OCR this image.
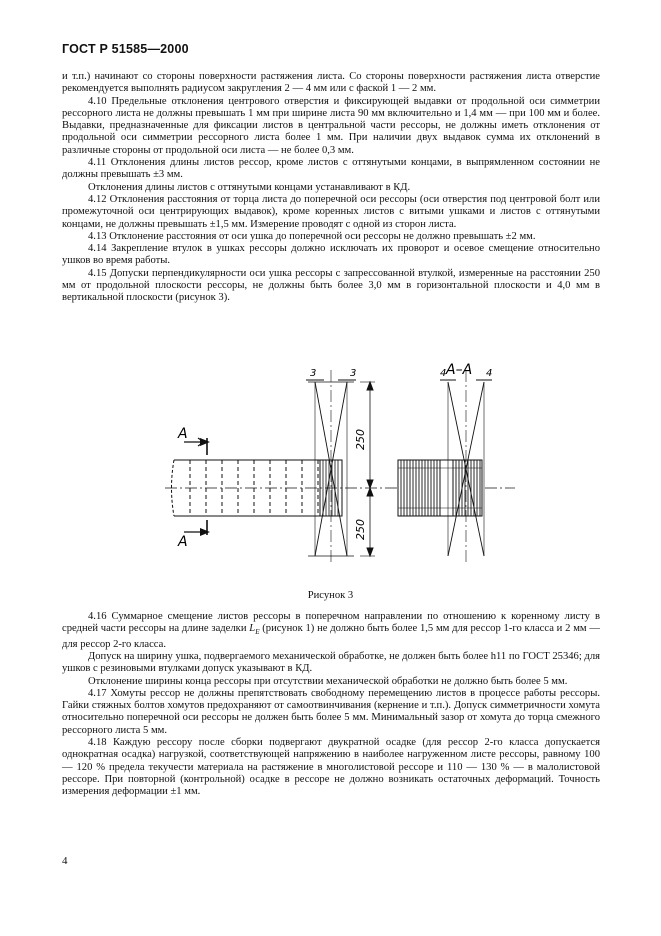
ГОСТ Р 51585—2000

и т.п.) начинают со стороны поверхности растяжения листа. Со стороны поверхности растяжения листа отверстие рекомендуется выполнять радиусом закругления 2 — 4 мм или с фаской 1 — 2 мм.

4.10 Предельные отклонения центрового отверстия и фиксирующей выдавки от продольной оси симметрии рессорного листа не должны превышать 1 мм при ширине листа 90 мм включительно и 1,4 мм — при 100 мм и более. Выдавки, предназначенные для фиксации листов в центральной части рессоры, не должны иметь отклонения от продольной оси симметрии рессорного листа более 1 мм. При наличии двух выдавок сумма их отклонений в различные стороны от продольной оси листа — не более 0,3 мм.

4.11 Отклонения длины листов рессор, кроме листов с оттянутыми концами, в выпрямленном состоянии не должны превышать ±3 мм.

Отклонения длины листов с оттянутыми концами устанавливают в КД.

4.12 Отклонения расстояния от торца листа до поперечной оси рессоры (оси отверстия под центровой болт или промежуточной оси центрирующих выдавок), кроме коренных листов с витыми ушками и листов с оттянутыми концами, не должны превышать ±1,5 мм. Измерение проводят с одной из сторон листа.

4.13 Отклонение расстояния от оси ушка до поперечной оси рессоры не должно превышать ±2 мм.

4.14 Закрепление втулок в ушках рессоры должно исключать их проворот и осевое смещение относительно ушков во время работы.

4.15 Допуски перпендикулярности оси ушка рессоры с запрессованной втулкой, измеренные на расстоянии 250 мм от продольной плоскости рессоры, не должны быть более 3,0 мм в горизонтальной плоскости и 4,0 мм в вертикальной плоскости (рисунок 3).

А
А
А–А
3	3	4	4
250
250
Рисунок 3

4.16 Суммарное смещение листов рессоры в поперечном направлении по отношению к коренному листу в средней части рессоры на длине заделки $L_Е$ (рисунок 1) не должно быть более 1,5 мм для рессор 1-го класса и 2 мм — для рессор 2-го класса.

Допуск на ширину ушка, подвергаемого механической обработке, не должен быть более h11 по ГОСТ 25346; для ушков с резиновыми втулками допуск указывают в КД.

Отклонение ширины конца рессоры при отсутствии механической обработки не должно быть более 5 мм.

4.17 Хомуты рессор не должны препятствовать свободному перемещению листов в процессе работы рессоры. Гайки стяжных болтов хомутов предохраняют от самоотвинчивания (кернение и т.п.). Допуск симметричности хомута относительно поперечной оси рессоры не должен быть более 5 мм. Минимальный зазор от хомута до торца смежного рессорного листа 5 мм.

4.18 Каждую рессору после сборки подвергают двукратной осадке (для рессор 2-го класса допускается однократная осадка) нагрузкой, соответствующей напряжению в наиболее нагруженном листе рессоры, равному 100 — 120 % предела текучести материала на растяжение в многолистовой рессоре и 110 — 130 % — в малолистовой рессоре. При повторной (контрольной) осадке в рессоре не должно возникать остаточных деформаций. Точность измерения деформации ±1 мм.

4
